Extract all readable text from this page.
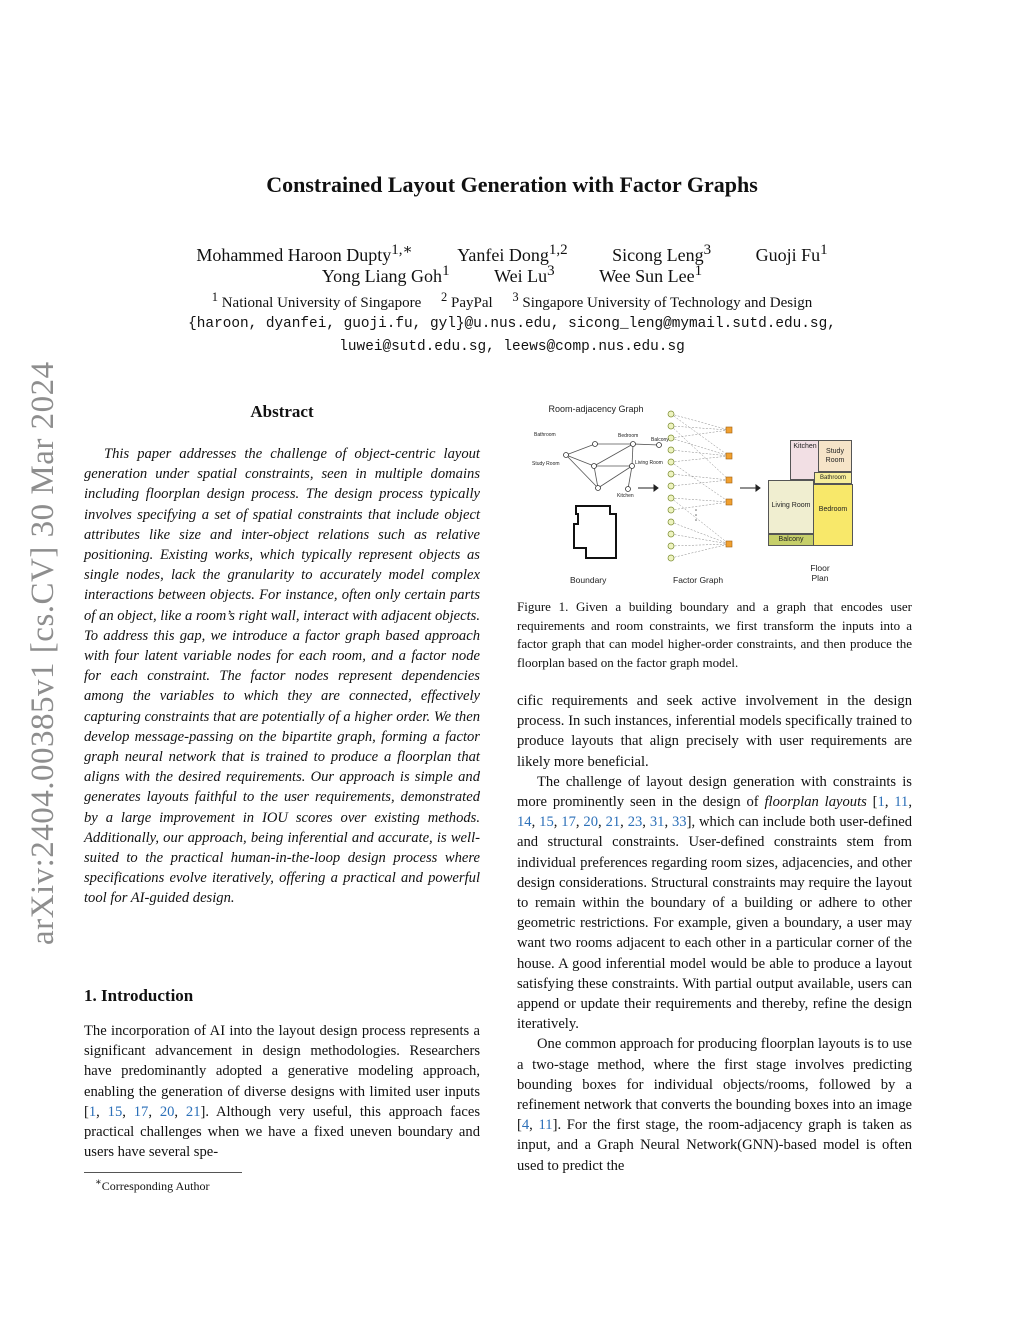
arXiv:2404.00385v1 [cs.CV] 30 Mar 2024
Constrained Layout Generation with Factor Graphs
Mohammed Haroon Dupty$^{1,∗}$ Yanfei Dong$^{1,2}$ Sicong Leng$^3$ Guoji Fu$^1$
Yong Liang Goh$^1$ Wei Lu$^3$ Wee Sun Lee$^1$
$^1$ National University of Singapore $^2$ PayPal $^3$ Singapore University of Technology and Design
{haroon, dyanfei, guoji.fu, gyl}@u.nus.edu, sicong_leng@mymail.sutd.edu.sg,
luwei@sutd.edu.sg, leews@comp.nus.edu.sg
Abstract
This paper addresses the challenge of object-centric layout generation under spatial constraints, seen in multiple domains including floorplan design process. The design process typically involves specifying a set of spatial constraints that include object attributes like size and inter-object relations such as relative positioning. Existing works, which typically represent objects as single nodes, lack the granularity to accurately model complex interactions between objects. For instance, often only certain parts of an object, like a room’s right wall, interact with adjacent objects. To address this gap, we introduce a factor graph based approach with four latent variable nodes for each room, and a factor node for each constraint. The factor nodes represent dependencies among the variables to which they are connected, effectively capturing constraints that are potentially of a higher order. We then develop message-passing on the bipartite graph, forming a factor graph neural network that is trained to produce a floorplan that aligns with the desired requirements. Our approach is simple and generates layouts faithful to the user requirements, demonstrated by a large improvement in IOU scores over existing methods. Additionally, our approach, being inferential and accurate, is well-suited to the practical human-in-the-loop design process where specifications evolve iteratively, offering a practical and powerful tool for AI-guided design.
1. Introduction
The incorporation of AI into the layout design process represents a significant advancement in design methodologies. Researchers have predominantly adopted a generative modeling approach, enabling the generation of diverse designs with limited user inputs [1, 15, 17, 20, 21]. Although very useful, this approach faces practical challenges when we have a fixed uneven boundary and users have several spe-
∗Corresponding Author
Room-adjacency Graph
Bathroom	Bedroom
Balcony
Living Room
Study Room
Kitchen
Boundary	Factor Graph
Floor Plan
Kitchen
Study Room
Bathroom
Living Room
Bedroom
Balcony
Figure 1. Given a building boundary and a graph that encodes user requirements and room constraints, we first transform the inputs into a factor graph that can model higher-order constraints, and then produce the floorplan based on the factor graph model.

cific requirements and seek active involvement in the design process. In such instances, inferential models specifically trained to produce layouts that align precisely with user requirements are likely more beneficial.

The challenge of layout design generation with constraints is more prominently seen in the design of floorplan layouts [1, 11, 14, 15, 17, 20, 21, 23, 31, 33], which can include both user-defined and structural constraints. User-defined constraints stem from individual preferences regarding room sizes, adjacencies, and other design considerations. Structural constraints may require the layout to remain within the boundary of a building or adhere to other geometric restrictions. For example, given a boundary, a user may want two rooms adjacent to each other in a particular corner of the house. A good inferential model would be able to produce a layout satisfying these constraints. With partial output available, users can append or update their requirements and thereby, refine the design iteratively.

One common approach for producing floorplan layouts is to use a two-stage method, where the first stage involves predicting bounding boxes for individual objects/rooms, followed by a refinement network that converts the bounding boxes into an image [4, 11]. For the first stage, the room-adjacency graph is taken as input, and a Graph Neural Network(GNN)-based model is often used to predict the
